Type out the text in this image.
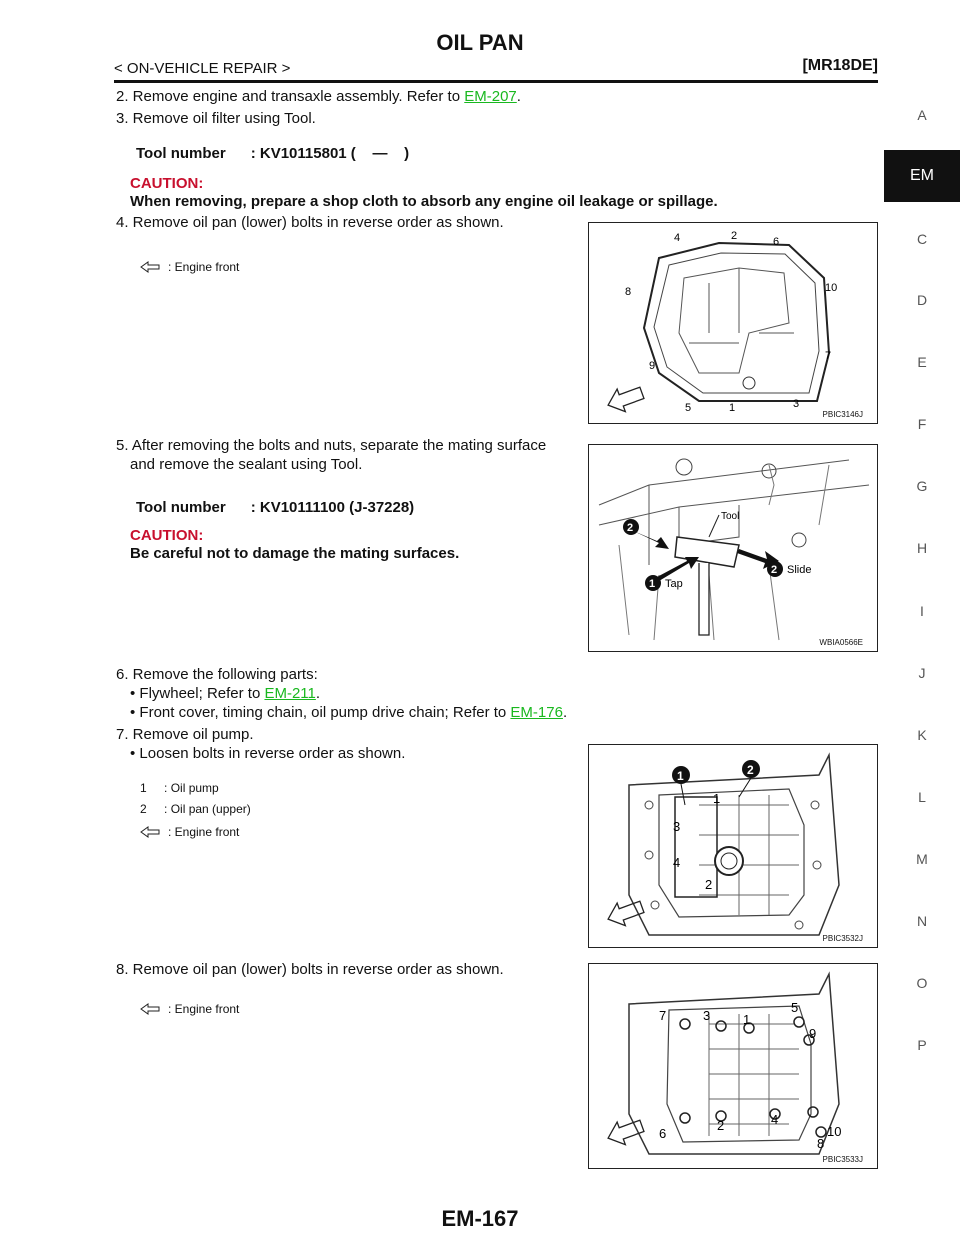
OIL PAN
< ON-VEHICLE REPAIR >	[MR18DE]
A
EM
C
D
E
F
G
H
I
J
K
L
M
N
O
P
2. Remove engine and transaxle assembly. Refer to EM-207.
3. Remove oil filter using Tool.
Tool number      : KV10115801 (    —    )
CAUTION:
When removing, prepare a shop cloth to absorb any engine oil leakage or spillage.
4. Remove oil pan (lower) bolts in reverse order as shown.
: Engine front
4	2	6
8	10
7
9
5	1	3
PBIC3146J
5. After removing the bolts and nuts, separate the mating surface
and remove the sealant using Tool.
Tool number      : KV10111100 (J-37228)
CAUTION:
Be careful not to damage the mating surfaces.
2
1
2
Tool
Tap
Slide
WBIA0566E
6. Remove the following parts:
• Flywheel; Refer to EM-211.
• Front cover, timing chain, oil pump drive chain; Refer to EM-176.
7. Remove oil pump.
• Loosen bolts in reverse order as shown.
1 : Oil pump
2 : Oil pan (upper)
: Engine front
1	2
1
3
4
2
PBIC3532J
8. Remove oil pan (lower) bolts in reverse order as shown.
: Engine front	7	3	1
5
9
10
4
2
6
8
PBIC3533J
EM-167
